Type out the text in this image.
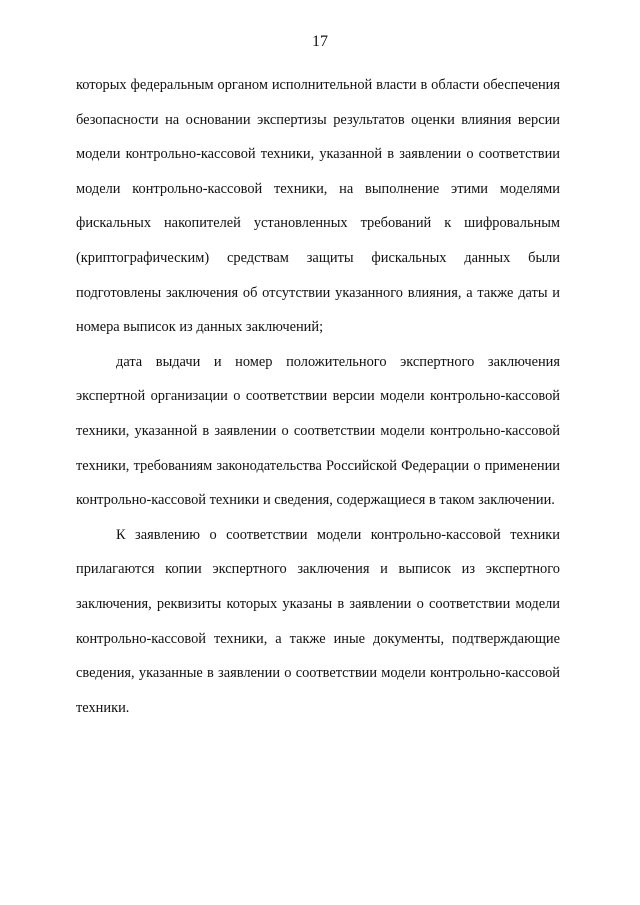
17

которых федеральным органом исполнительной власти в области обеспечения безопасности на основании экспертизы результатов оценки влияния версии модели контрольно-кассовой техники, указанной в заявлении о соответствии модели контрольно-кассовой техники, на выполнение этими моделями фискальных накопителей установленных требований к шифровальным (криптографическим) средствам защиты фискальных данных были подготовлены заключения об отсутствии указанного влияния, а также даты и номера выписок из данных заключений;

дата выдачи и номер положительного экспертного заключения экспертной организации о соответствии версии модели контрольно-кассовой техники, указанной в заявлении о соответствии модели контрольно-кассовой техники, требованиям законодательства Российской Федерации о применении контрольно-кассовой техники и сведения, содержащиеся в таком заключении.

К заявлению о соответствии модели контрольно-кассовой техники прилагаются копии экспертного заключения и выписок из экспертного заключения, реквизиты которых указаны в заявлении о соответствии модели контрольно-кассовой техники, а также иные документы, подтверждающие сведения, указанные в заявлении о соответствии модели контрольно-кассовой техники.
